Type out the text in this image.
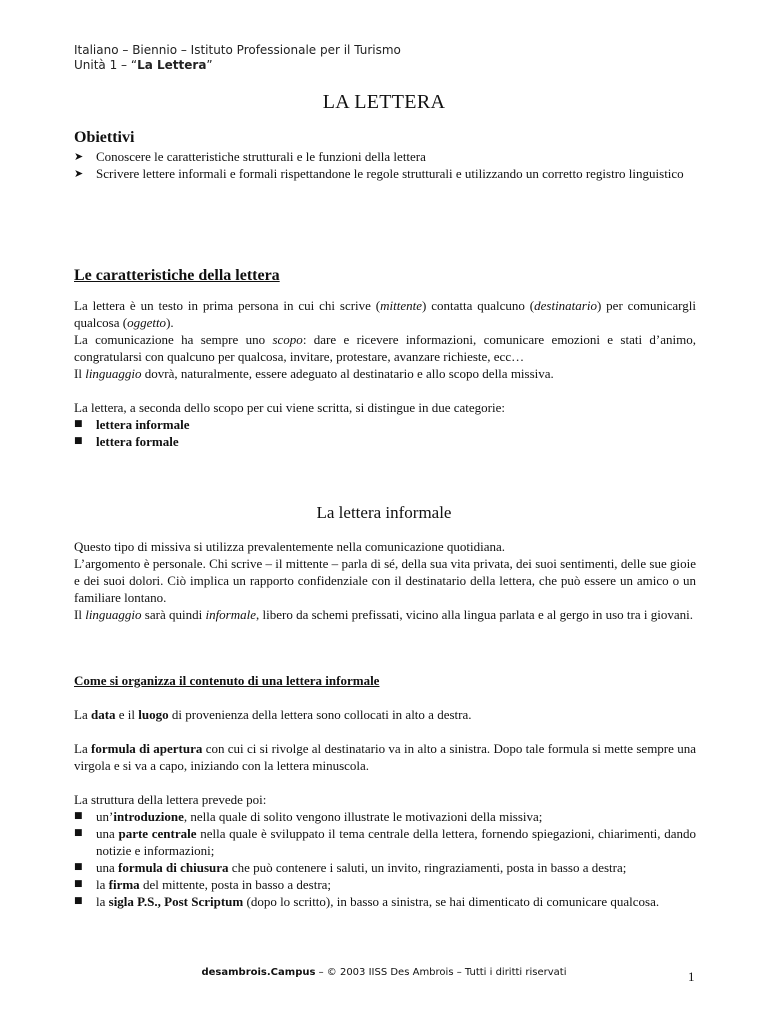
Italiano – Biennio – Istituto Professionale per il Turismo
Unità 1 – “La Lettera”
LA LETTERA
Obiettivi
➤ Conoscere le caratteristiche strutturali e le funzioni della lettera
➤ Scrivere lettere informali e formali rispettandone le regole strutturali e utilizzando un corretto registro linguistico
Le caratteristiche della lettera

La lettera è un testo in prima persona in cui chi scrive (mittente) contatta qualcuno (destinatario) per comunicargli qualcosa (oggetto).

La comunicazione ha sempre uno scopo: dare e ricevere informazioni, comunicare emozioni e stati d’animo, congratularsi con qualcuno per qualcosa, invitare, protestare, avanzare richieste, ecc…

Il linguaggio dovrà, naturalmente, essere adeguato al destinatario e allo scopo della missiva.

La lettera, a seconda dello scopo per cui viene scritta, si distingue in due categorie:

■ lettera informale
■ lettera formale
La lettera informale

Questo tipo di missiva si utilizza prevalentemente nella comunicazione quotidiana.

L’argomento è personale. Chi scrive – il mittente – parla di sé, della sua vita privata, dei suoi sentimenti, delle sue gioie e dei suoi dolori. Ciò implica un rapporto confidenziale con il destinatario della lettera, che può essere un amico o un familiare lontano.

Il linguaggio sarà quindi informale, libero da schemi prefissati, vicino alla lingua parlata e al gergo in uso tra i giovani.

Come si organizza il contenuto di una lettera informale

La data e il luogo di provenienza della lettera sono collocati in alto a destra.

La formula di apertura con cui ci si rivolge al destinatario va in alto a sinistra. Dopo tale formula si mette sempre una virgola e si va a capo, iniziando con la lettera minuscola.

La struttura della lettera prevede poi:

■ un’introduzione, nella quale di solito vengono illustrate le motivazioni della missiva;
■ una parte centrale nella quale è sviluppato il tema centrale della lettera, fornendo spiegazioni, chiarimenti, dando notizie e informazioni;
■ una formula di chiusura che può contenere i saluti, un invito, ringraziamenti, posta in basso a destra;
■ la firma del mittente, posta in basso a destra;
■ la sigla P.S., Post Scriptum (dopo lo scritto), in basso a sinistra, se hai dimenticato di comunicare qualcosa.
desambrois.Campus – © 2003 IISS Des Ambrois – Tutti i diritti riservati	1
